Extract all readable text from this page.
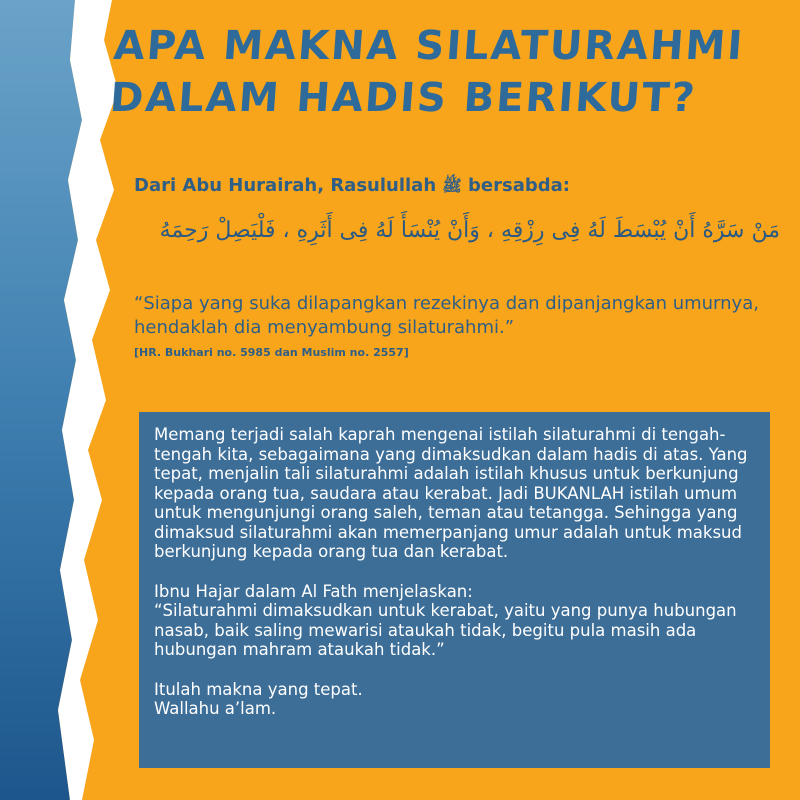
APA MAKNA SILATURAHMI
DALAM HADIS BERIKUT?
Dari Abu Hurairah, Rasulullah ﷺ bersabda:
مَنْ سَرَّهُ أَنْ يُبْسَطَ لَهُ فِى رِزْقِهِ ، وَأَنْ يُنْسَأَ لَهُ فِى أَثَرِهِ ، فَلْيَصِلْ رَحِمَهُ
“Siapa yang suka dilapangkan rezekinya dan dipanjangkan umurnya, hendaklah dia menyambung silaturahmi.”
[HR. Bukhari no. 5985 dan Muslim no. 2557]

Memang terjadi salah kaprah mengenai istilah silaturahmi di tengah-tengah kita, sebagaimana yang dimaksudkan dalam hadis di atas. Yang tepat, menjalin tali silaturahmi adalah istilah khusus untuk berkunjung kepada orang tua, saudara atau kerabat. Jadi BUKANLAH istilah umum untuk mengunjungi orang saleh, teman atau tetangga. Sehingga yang dimaksud silaturahmi akan memerpanjang umur adalah untuk maksud berkunjung kepada orang tua dan kerabat.

Ibnu Hajar dalam Al Fath menjelaskan:
“Silaturahmi dimaksudkan untuk kerabat, yaitu yang punya hubungan nasab, baik saling mewarisi ataukah tidak, begitu pula masih ada hubungan mahram ataukah tidak.”

Itulah makna yang tepat.
Wallahu a’lam.
